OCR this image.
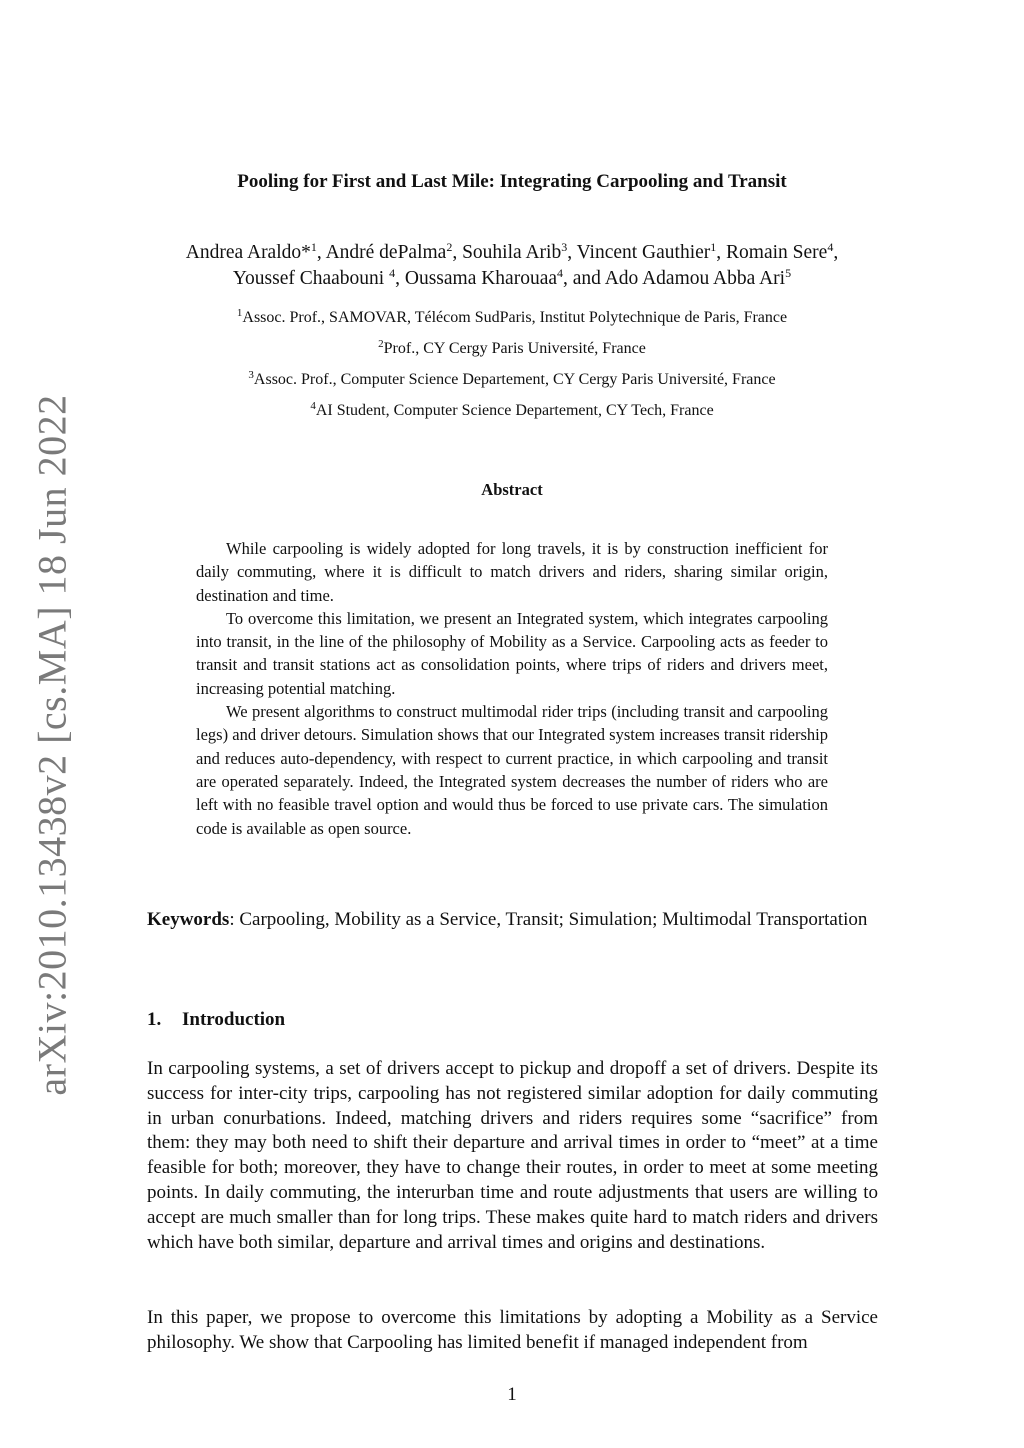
arXiv:2010.13438v2 [cs.MA] 18 Jun 2022
Pooling for First and Last Mile: Integrating Carpooling and Transit
Andrea Araldo*$^1$, André dePalma$^2$, Souhila Arib$^3$, Vincent Gauthier$^1$, Romain Sere$^4$,
Youssef Chaabouni $^4$, Oussama Kharouaa$^4$, and Ado Adamou Abba Ari$^5$
$^1$Assoc. Prof., SAMOVAR, Télécom SudParis, Institut Polytechnique de Paris, France
$^2$Prof., CY Cergy Paris Université, France
$^3$Assoc. Prof., Computer Science Departement, CY Cergy Paris Université, France
$^4$AI Student, Computer Science Departement, CY Tech, France
Abstract

While carpooling is widely adopted for long travels, it is by construction inefficient for daily commuting, where it is difficult to match drivers and riders, sharing similar origin, destination and time.

To overcome this limitation, we present an Integrated system, which integrates carpooling into transit, in the line of the philosophy of Mobility as a Service. Carpooling acts as feeder to transit and transit stations act as consolidation points, where trips of riders and drivers meet, increasing potential matching.

We present algorithms to construct multimodal rider trips (including transit and carpooling legs) and driver detours. Simulation shows that our Integrated system increases transit ridership and reduces auto-dependency, with respect to current practice, in which carpooling and transit are operated separately. Indeed, the Integrated system decreases the number of riders who are left with no feasible travel option and would thus be forced to use private cars. The simulation code is available as open source.

Keywords: Carpooling, Mobility as a Service, Transit; Simulation; Multimodal Transportation
1. Introduction

In carpooling systems, a set of drivers accept to pickup and dropoff a set of drivers. Despite its success for inter-city trips, carpooling has not registered similar adoption for daily commuting in urban conurbations. Indeed, matching drivers and riders requires some “sacrifice” from them: they may both need to shift their departure and arrival times in order to “meet” at a time feasible for both; moreover, they have to change their routes, in order to meet at some meeting points. In daily commuting, the interurban time and route adjustments that users are willing to accept are much smaller than for long trips. These makes quite hard to match riders and drivers which have both similar, departure and arrival times and origins and destinations.

In this paper, we propose to overcome this limitations by adopting a Mobility as a Service philosophy. We show that Carpooling has limited benefit if managed independent from

1
